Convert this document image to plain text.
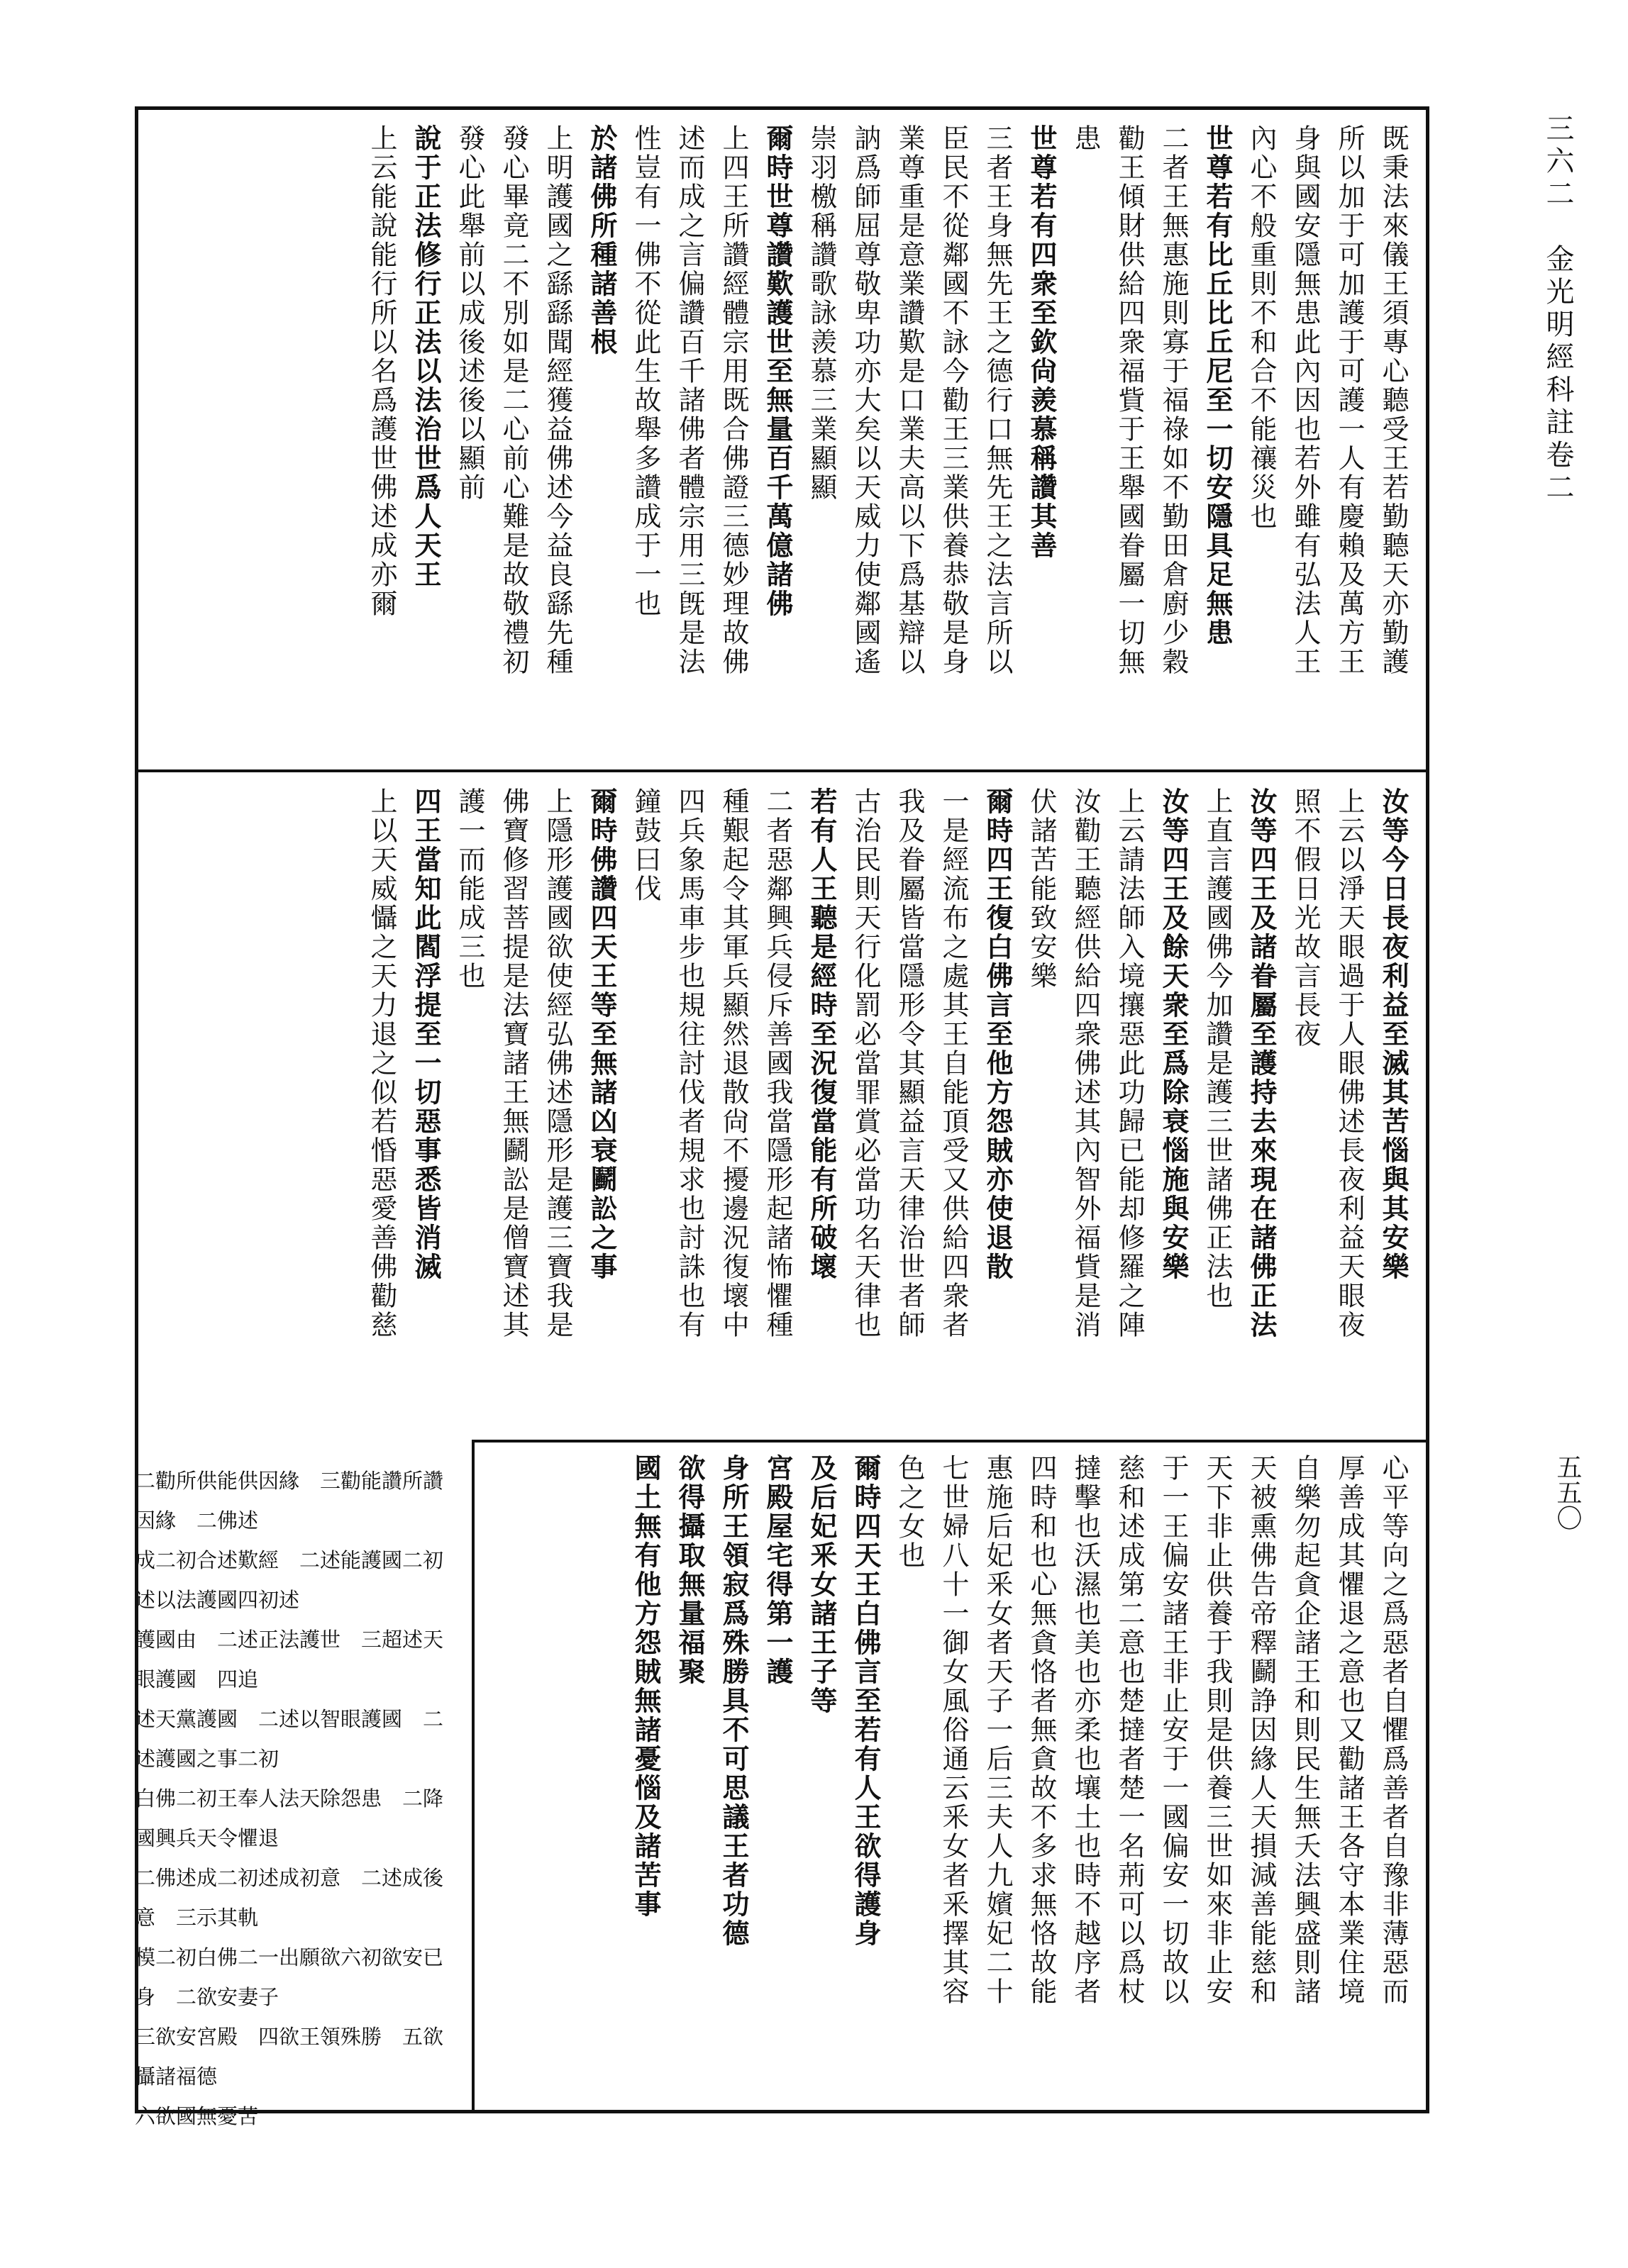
三六二　金光明經科註卷二
五五〇
既秉法來儀王須專心聽受王若勤聽天亦勤護
所以加于可加護于可護一人有慶賴及萬方王
身與國安隱無患此內因也若外雖有弘法人王
內心不般重則不和合不能禳災也
世尊若有比丘比丘尼至一切安隱具足無患
二者王無惠施則寡于福祿如不勤田倉廚少穀
勸王傾財供給四衆福貲于王舉國眷屬一切無
患
世尊若有四衆至欽尙羨慕稱讚其善
三者王身無先王之德行口無先王之法言所以
臣民不從鄰國不詠今勸王三業供養恭敬是身
業尊重是意業讚歎是口業夫高以下爲基辯以
訥爲師屈尊敬卑功亦大矣以天威力使鄰國遙
崇羽檄稱讚歌詠羨慕三業顯顯
爾時世尊讚歎護世至無量百千萬億諸佛
上四王所讚經體宗用既合佛證三德妙理故佛
述而成之言偏讚百千諸佛者體宗用三旣是法
性豈有一佛不從此生故舉多讚成于一也
於諸佛所種諸善根
上明護國之繇繇聞經獲益佛述今益良繇先種
發心畢竟二不別如是二心前心難是故敬禮初
發心此舉前以成後述後以顯前
說于正法修行正法以法治世爲人天王
上云能說能行所以名爲護世佛述成亦爾
汝等今日長夜利益至滅其苦惱與其安樂
上云以淨天眼過于人眼佛述長夜利益天眼夜
照不假日光故言長夜
汝等四王及諸眷屬至護持去來現在諸佛正法
上直言護國佛今加讚是護三世諸佛正法也
汝等四王及餘天衆至爲除衰惱施與安樂
上云請法師入境攘惡此功歸已能却修羅之陣
汝勸王聽經供給四衆佛述其內智外福貲是消
伏諸苦能致安樂
爾時四王復白佛言至他方怨賊亦使退散
一是經流布之處其王自能頂受又供給四衆者
我及眷屬皆當隱形令其顯益言天律治世者師
古治民則天行化罰必當罪賞必當功名天律也
若有人王聽是經時至況復當能有所破壞
二者惡鄰興兵侵斥善國我當隱形起諸怖懼種
種艱起令其軍兵顯然退散尙不擾邊況復壞中
四兵象馬車步也規往討伐者規求也討誅也有
鐘鼓曰伐
爾時佛讚四天王等至無諸凶衰鬬訟之事
上隱形護國欲使經弘佛述隱形是護三寶我是
佛寶修習菩提是法寶諸王無鬬訟是僧寶述其
護一而能成三也
四王當知此閻浮提至一切惡事悉皆消滅
上以天威懾之天力退之似若惛惡愛善佛勸慈
心平等向之爲惡者自懼爲善者自豫非薄惡而
厚善成其懼退之意也又勸諸王各守本業住境
自樂勿起貪企諸王和則民生無夭法興盛則諸
天被熏佛告帝釋鬬諍因緣人天損減善能慈和
天下非止供養于我則是供養三世如來非止安
于一王偏安諸王非止安于一國偏安一切故以
慈和述成第二意也楚撻者楚一名荊可以爲杖
撻擊也沃濕也美也亦柔也壤土也時不越序者
四時和也心無貪恪者無貪故不多求無恪故能
惠施后妃釆女者天子一后三夫人九嬪妃二十
七世婦八十一御女風俗通云釆女者釆擇其容
色之女也
爾時四天王白佛言至若有人王欲得護身
及后妃釆女諸王子等
宮殿屋宅得第一護
身所王領寂爲殊勝具不可思議王者功德
欲得攝取無量福聚
國土無有他方怨賊無諸憂惱及諸苦事
二勸所供能供因緣　三勸能讚所讚因緣　二佛述
成二初合述歎經　二述能護國二初述以法護國四初述
護國由　二述正法護世　三超述天眼護國　四追
述天黨護國　二述以智眼護國　二述護國之事二初
白佛二初王奉人法天除怨患　二降國興兵天令懼退
二佛述成二初述成初意　二述成後意　三示其軌
模二初白佛二一出願欲六初欲安已身　二欲安妻子
三欲安宮殿　四欲王領殊勝　五欲攝諸福德
六欲國無憂苦
